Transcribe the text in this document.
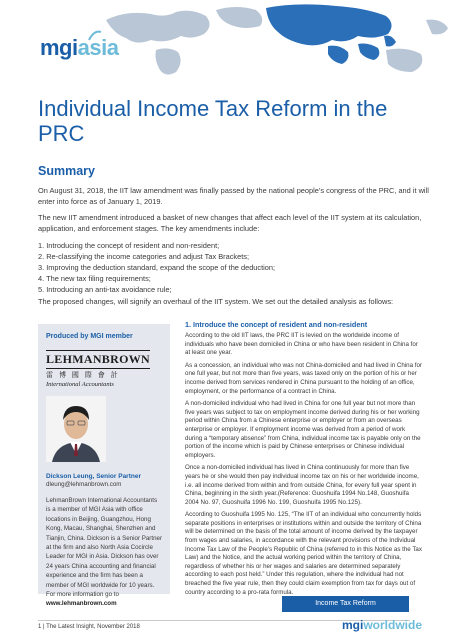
mgi asia
Individual Income Tax Reform in the PRC
Summary

On August 31, 2018, the IIT law amendment was finally passed by the national people’s congress of the PRC, and it will enter into force as of January 1, 2019.

The new IIT amendment introduced a basket of new changes that affect each level of the IIT system at its calculation, application, and enforcement stages. The key amendments include:

1. Introducing the concept of resident and non-resident;
2. Re-classifying the income categories and adjust Tax Brackets;
3. Improving the deduction standard, expand the scope of the deduction;
4. The new tax filing requirements;
5. Introducing an anti-tax avoidance rule;

The proposed changes, will signify an overhaul of the IIT system. We set out the detailed analysis as follows:

Produced by MGI member
LEHMANBROWN
雷 博 國 際 會 計
International Accountants
Dickson Leung, Senior Partner
dleung@lehmanbrown.com
LehmanBrown International Accountants is a member of MGI Asia with office locations in Beijing, Guangzhou, Hong Kong, Macau, Shanghai, Shenzhen and Tianjin, China. Dickson is a Senior Partner at the firm and also North Asia Cocircle Leader for MGI in Asia. Dickson has over 24 years China accounting and financial experience and the firm has been a member of MGI worldwide for 10 years. For more information go to www.lehmanbrown.com
1. Introduce the concept of resident and non-resident

According to the old IIT laws, the PRC IIT is levied on the worldwide income of individuals who have been domiciled in China or who have been resident in China for at least one year.

As a concession, an individual who was not China-domiciled and had lived in China for one full year, but not more than five years, was taxed only on the portion of his or her income derived from services rendered in China pursuant to the holding of an office, employment, or the performance of a contract in China.

A non-domiciled individual who had lived in China for one full year but not more than five years was subject to tax on employment income derived during his or her working period within China from a Chinese enterprise or employer or from an overseas enterprise or employer. If employment income was derived from a period of work during a “temporary absence” from China, individual income tax is payable only on the portion of the income which is paid by Chinese enterprises or Chinese individual employers.

Once a non-domiciled individual has lived in China continuously for more than five years he or she would then pay individual income tax on his or her worldwide income, i.e. all income derived from within and from outside China, for every full year spent in China, beginning in the sixth year.(Reference: Guoshuifa 1994 No.148, Guoshuifa 2004 No. 97, Guoshuifa 1996 No. 199, Guoshuifa 1995 No.125).

According to Guoshuifa 1995 No. 125, “The IIT of an individual who concurrently holds separate positions in enterprises or institutions within and outside the territory of China will be determined on the basis of the total amount of income derived by the taxpayer from wages and salaries, in accordance with the relevant provisions of the Individual Income Tax Law of the People’s Republic of China (referred to in this Notice as the Tax Law) and the Notice, and the actual working period within the territory of China, regardless of whether his or her wages and salaries are determined separately according to each post held.” Under this regulation, where the individual had not breached the five year rule, then they could claim exemption from tax for days out of country according to a pro-rata formula.

Income Tax Reform
1 | The Latest Insight, November 2018	mgiworldwide
